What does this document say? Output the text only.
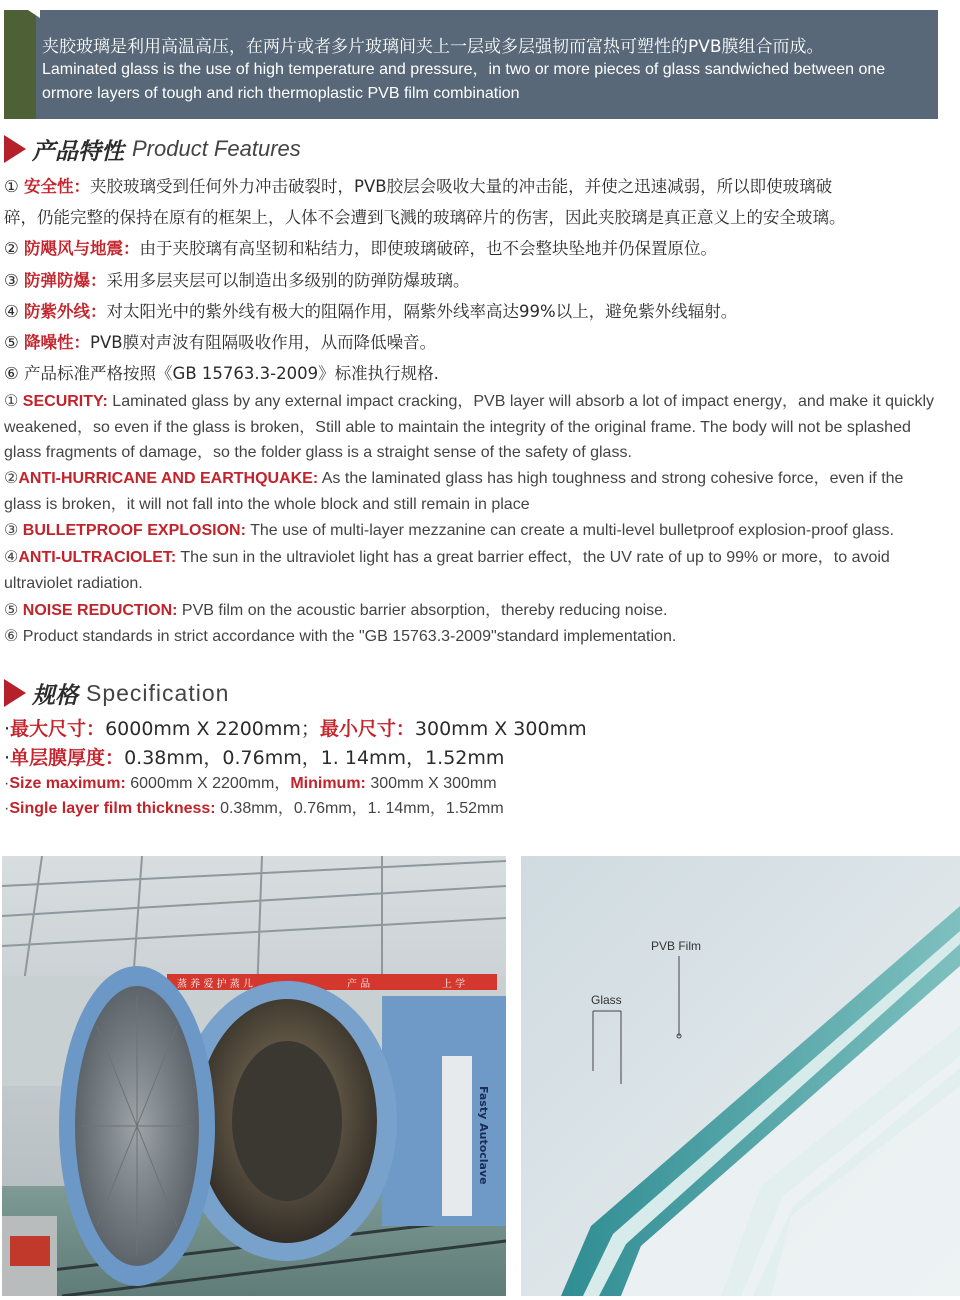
夹胶玻璃是利用高温高压，在两片或者多片玻璃间夹上一层或多层强韧而富热可塑性的PVB膜组合而成。
Laminated glass is the use of high temperature and pressure，in two or more pieces of glass sandwiched between one ormore layers of tough and rich thermoplastic PVB film combination
产品特性 Product Features
① 安全性：夹胶玻璃受到任何外力冲击破裂时，PVB胶层会吸收大量的冲击能，并使之迅速减弱，所以即使玻璃破
碎，仍能完整的保持在原有的框架上，人体不会遭到飞溅的玻璃碎片的伤害，因此夹胶璃是真正意义上的安全玻璃。
② 防飓风与地震：由于夹胶璃有高坚韧和粘结力，即使玻璃破碎，也不会整块坠地并仍保置原位。
③ 防弹防爆：采用多层夹层可以制造出多级别的防弹防爆玻璃。
④ 防紫外线：对太阳光中的紫外线有极大的阻隔作用，隔紫外线率高达99%以上，避免紫外线辐射。
⑤ 降噪性：PVB膜对声波有阻隔吸收作用，从而降低噪音。
⑥ 产品标准严格按照《GB 15763.3-2009》标准执行规格.
① SECURITY: Laminated glass by any external impact cracking，PVB layer will absorb a lot of impact energy，and make it quickly weakened，so even if the glass is broken，Still able to maintain the integrity of the original frame. The body will not be splashed glass fragments of damage，so the folder glass is a straight sense of the safety of glass.
②ANTI-HURRICANE AND EARTHQUAKE: As the laminated glass has high toughness and strong cohesive force，even if the glass is broken，it will not fall into the whole block and still remain in place
③ BULLETPROOF EXPLOSION: The use of multi-layer mezzanine can create a multi-level bulletproof explosion-proof glass.
④ANTI-ULTRACIOLET: The sun in the ultraviolet light has a great barrier effect，the UV rate of up to 99% or more，to avoid ultraviolet radiation.
⑤ NOISE REDUCTION: PVB film on the acoustic barrier absorption，thereby reducing noise.
⑥ Product standards in strict accordance with the "GB 15763.3-2009"standard implementation.
规格 Specification
·最大尺寸：6000mm X 2200mm；最小尺寸：300mm X 300mm
·单层膜厚度：0.38mm，0.76mm，1. 14mm，1.52mm
·Size maximum: 6000mm X 2200mm，Minimum: 300mm X 300mm
·Single layer film thickness: 0.38mm，0.76mm，1. 14mm，1.52mm
蒸 养 爱 护 蒸 儿	产 品	上 学
Fasty Autoclave
PVB Film
Glass
